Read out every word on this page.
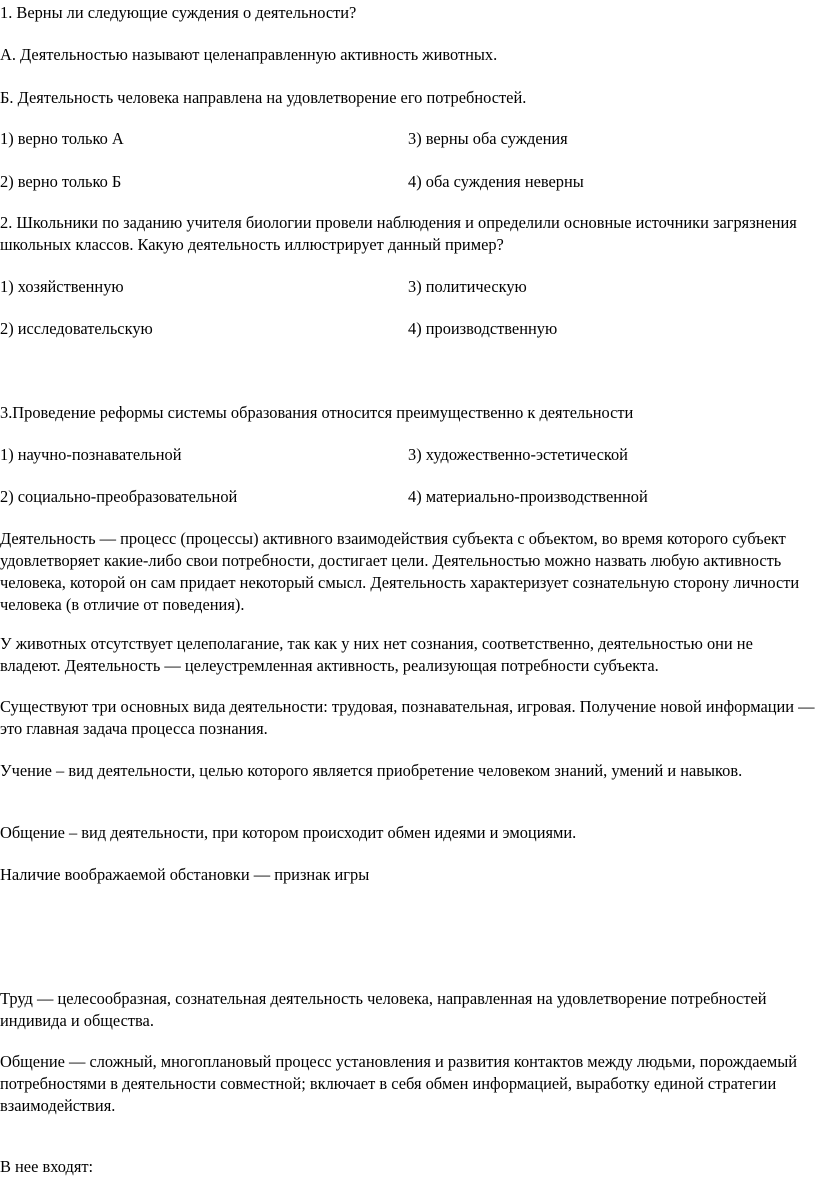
1. Верны ли следующие суждения о деятельности?
А. Деятельностью называют целенаправленную активность животных.
Б. Деятельность человека направлена на удовлетворение его потребностей.
1) верно только А	3) верны оба суждения
2) верно только Б	4) оба суждения неверны
2. Школьники по заданию учителя биологии провели наблюдения и определили основные источники загрязнения школьных классов. Какую деятельность иллюстрирует данный пример?
1) хозяйственную	3) политическую
2) исследовательскую	4) производственную
3.Проведение реформы системы образования относится преимущественно к деятельности
1) научно-познавательной	3) художественно-эстетической
2) социально-преобразовательной	4) материально-производственной
Деятельность — процесс (процессы) активного взаимодействия субъекта с объектом, во время которого субъект удовлетворяет какие-либо свои потребности, достигает цели. Деятельностью можно назвать любую активность человека, которой он сам придает некоторый смысл. Деятельность характеризует сознательную сторону личности человека (в отличие от поведения).
У животных отсутствует целеполагание, так как у них нет сознания, соответственно, деятельностью они не владеют. Деятельность — целеустремленная активность, реализующая потребности субъекта.
Существуют три основных вида деятельности: трудовая, познавательная, игровая. Получение новой информации — это главная задача процесса познания.
Учение – вид деятельности, целью которого является приобретение человеком знаний, умений и навыков.
Общение – вид деятельности, при котором происходит обмен идеями и эмоциями.
Наличие воображаемой обстановки — признак игры
Труд — целесообразная, сознательная деятельность человека, направленная на удовлетворение потребностей индивида и общества.
Общение — сложный, многоплановый процесс установления и развития контактов между людьми, порождаемый потребностями в деятельности совместной; включает в себя обмен информацией, выработку единой стратегии взаимодействия.
В нее входят:
